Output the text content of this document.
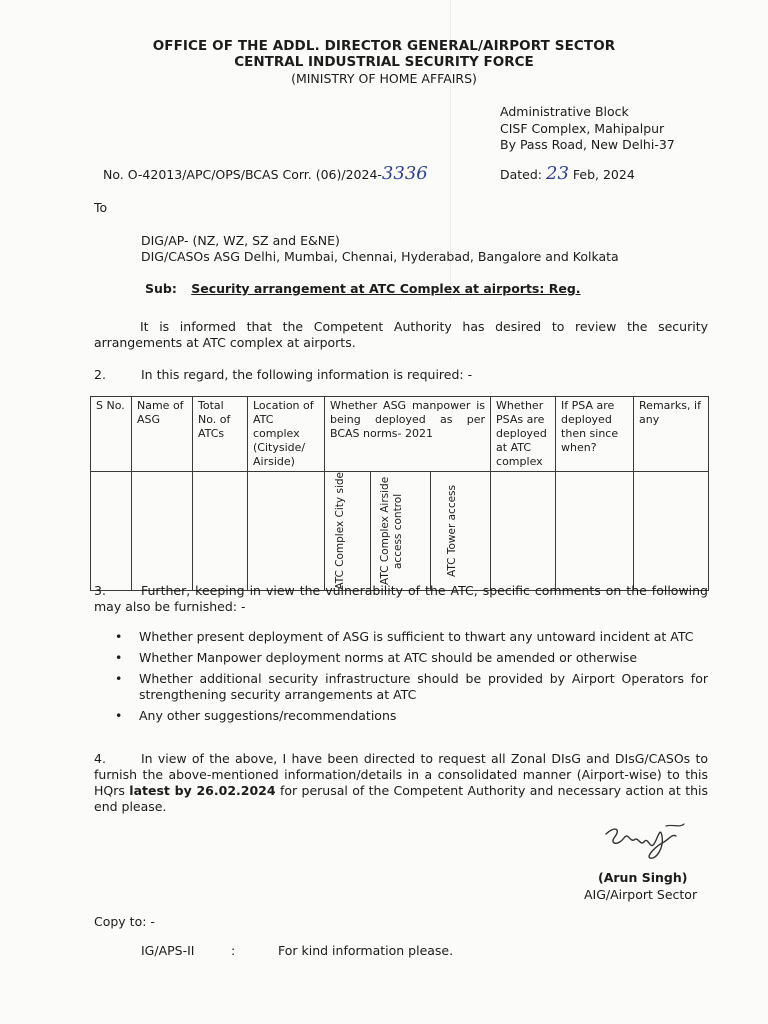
OFFICE OF THE ADDL. DIRECTOR GENERAL/AIRPORT SECTOR
CENTRAL INDUSTRIAL SECURITY FORCE
(MINISTRY OF HOME AFFAIRS)
Administrative Block
CISF Complex, Mahipalpur
By Pass Road, New Delhi-37
No. O-42013/APC/OPS/BCAS Corr. (06)/2024-3336	Dated: 23 Feb, 2024
To
DIG/AP- (NZ, WZ, SZ and E&NE)
DIG/CASOs ASG Delhi, Mumbai, Chennai, Hyderabad, Bangalore and Kolkata
Sub: Security arrangement at ATC Complex at airports: Reg.
It is informed that the Competent Authority has desired to review the security arrangements at ATC complex at airports.
2.	In this regard, the following information is required: -
S No.	Name of ASG	Total No. of ATCs	Location of ATC complex (Cityside/ Airside)	Whether ASG manpower is being deployed as per BCAS norms- 2021			Whether PSAs are deployed at ATC complex	If PSA are deployed then since when?	Remarks, if any

				ATC Complex City side	ATC Complex Airside access control	ATC Tower access			

3.	Further, keeping in view the vulnerability of the ATC, specific comments on the following may also be furnished: -
• Whether present deployment of ASG is sufficient to thwart any untoward incident at ATC
• Whether Manpower deployment norms at ATC should be amended or otherwise
• Whether additional security infrastructure should be provided by Airport Operators for strengthening security arrangements at ATC
• Any other suggestions/recommendations
4.	In view of the above, I have been directed to request all Zonal DIsG and DIsG/CASOs to furnish the above-mentioned information/details in a consolidated manner (Airport-wise) to this HQrs latest by 26.02.2024 for perusal of the Competent Authority and necessary action at this end please.
(Arun Singh)
AIG/Airport Sector
Copy to: -
IG/APS-II	:	For kind information please.
